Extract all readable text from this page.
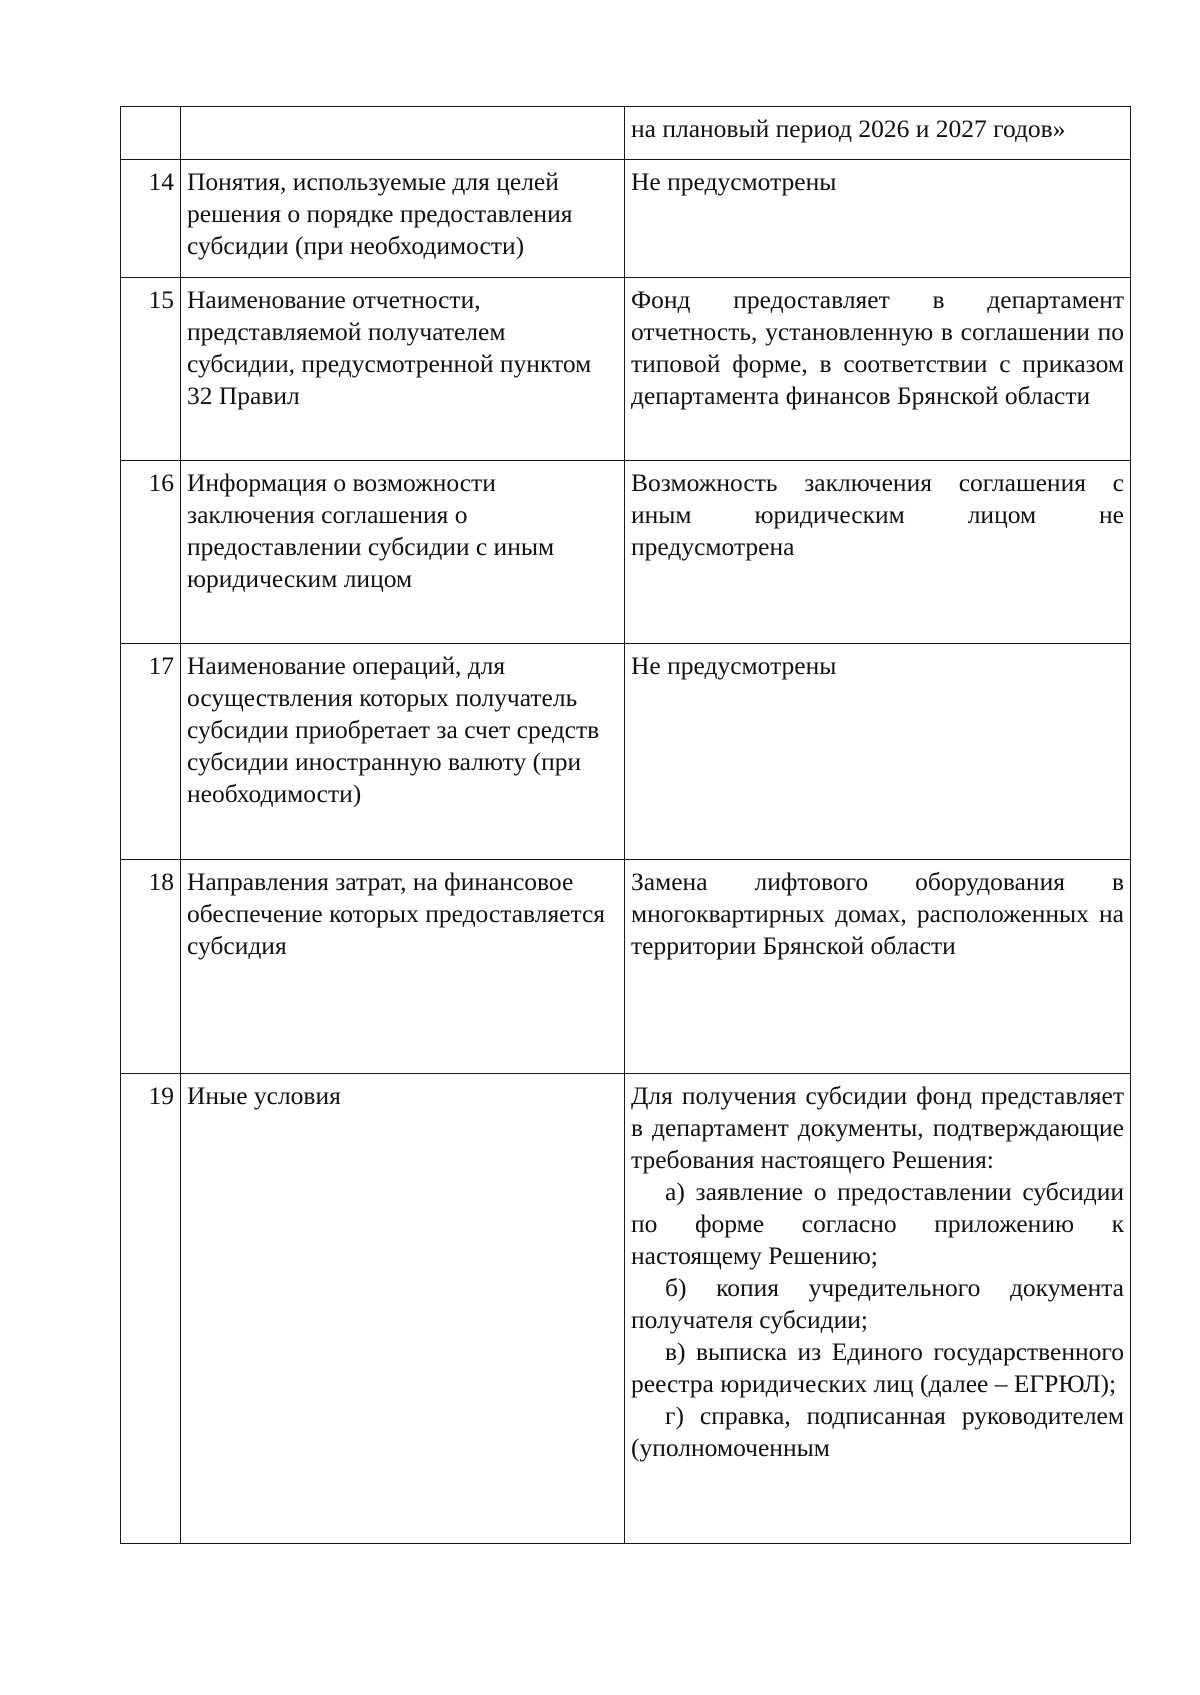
		на плановый период 2026 и 2027 годов»
14	Понятия, используемые для целей решения о порядке предоставления субсидии (при необходимости)	Не предусмотрены
15	Наименование отчетности, представляемой получателем субсидии, предусмотренной пунктом 32 Правил	Фонд предоставляет в департамент отчетность, установленную в соглашении по типовой форме, в соответствии с приказом департамента финансов Брянской области

16	Информация о возможности заключения соглашения о предоставлении субсидии с иным юридическим лицом	Возможность заключения соглашения с иным юридическим лицом не предусмотрена

17	Наименование операций, для осуществления которых получатель субсидии приобретает за счет средств субсидии иностранную валюту (при необходимости)	Не предусмотрены
18	Направления затрат, на финансовое обеспечение которых предоставляется субсидия	Замена лифтового оборудования в многоквартирных домах, расположенных на территории Брянской области

19	Иные условия	Для получения субсидии фонд представляет в департамент документы, подтверждающие требования настоящего Решения:
а) заявление о предоставлении субсидии по форме согласно приложению к настоящему Решению;
б) копия учредительного документа получателя субсидии;
в) выписка из Единого государственного реестра юридических лиц (далее – ЕГРЮЛ);
г) справка, подписанная руководителем (уполномоченным
